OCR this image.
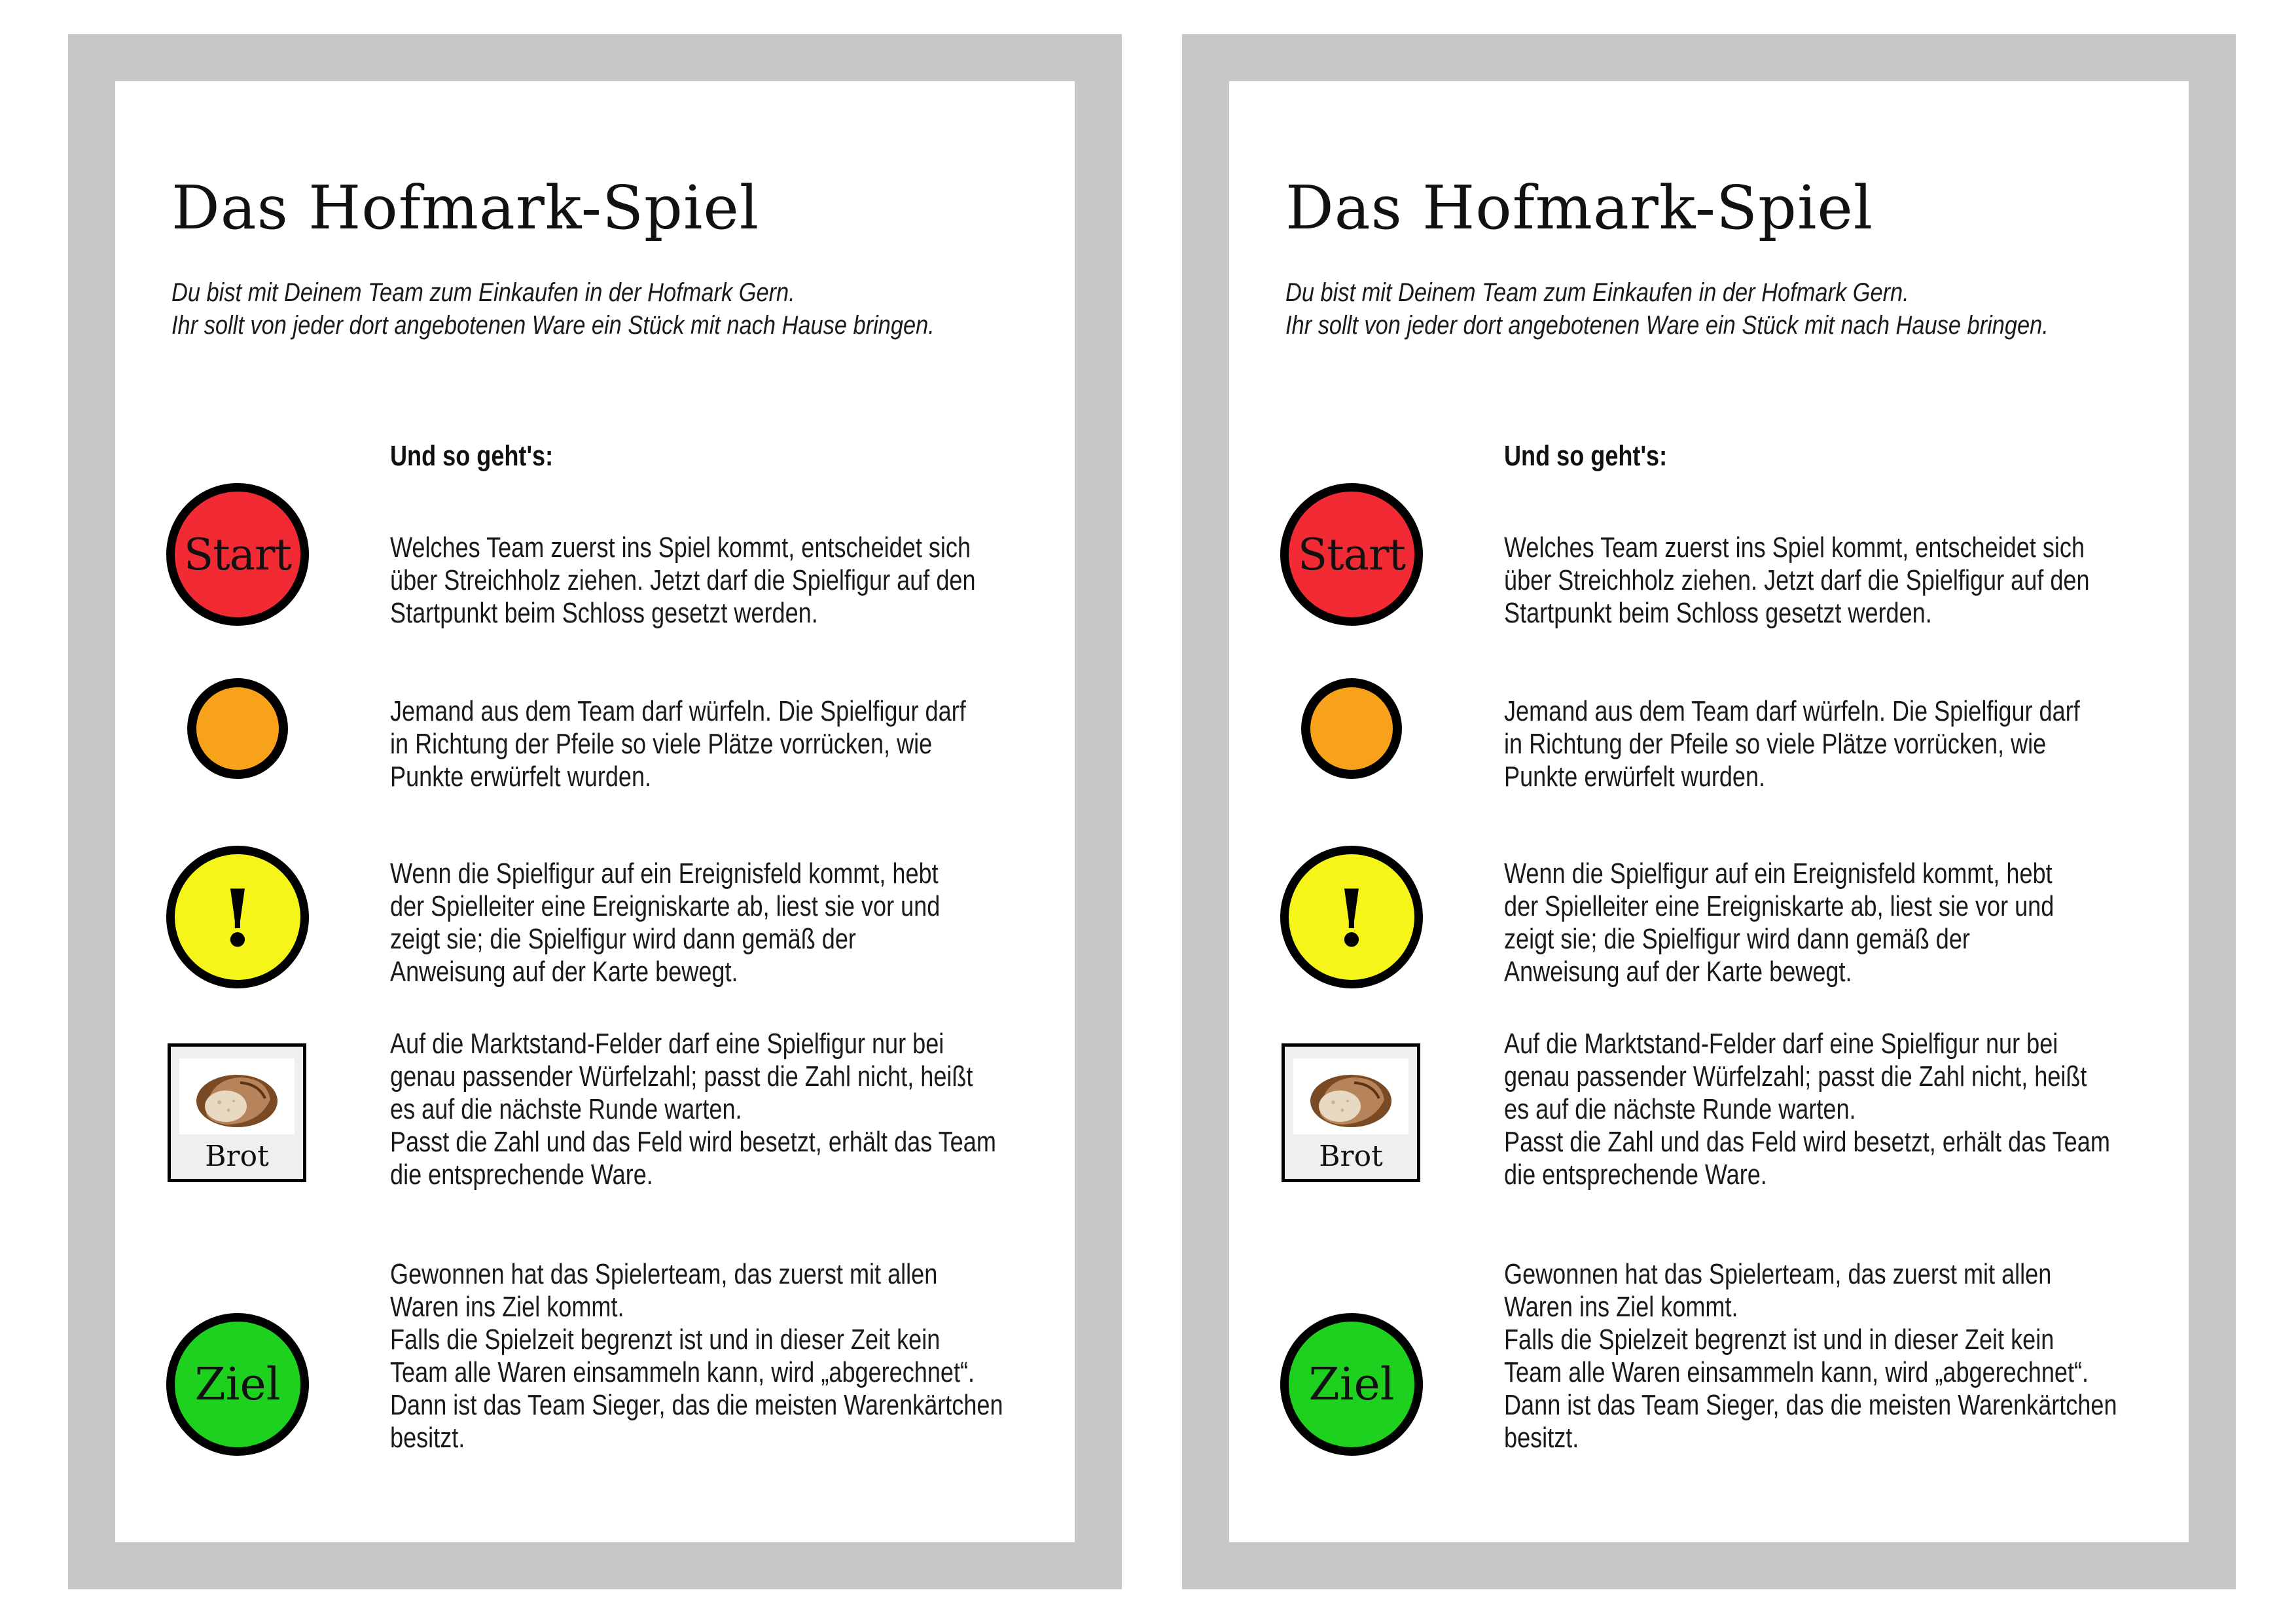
Das Hofmark-Spiel

Du bist mit Deinem Team zum Einkaufen in der Hofmark Gern.

Ihr sollt von jeder dort angebotenen Ware ein Stück mit nach Hause bringen.

Und so geht's:
Start	Welches Team zuerst ins Spiel kommt, entscheidet sich

über Streichholz ziehen. Jetzt darf die Spielfigur auf den

Startpunkt beim Schloss gesetzt werden.

Jemand aus dem Team darf würfeln. Die Spielfigur darf

in Richtung der Pfeile so viele Plätze vorrücken, wie

Punkte erwürfelt wurden.

!	Wenn die Spielfigur auf ein Ereignisfeld kommt, hebt

der Spielleiter eine Ereigniskarte ab, liest sie vor und

zeigt sie; die Spielfigur wird dann gemäß der

Anweisung auf der Karte bewegt.

Brot

Auf die Marktstand-Felder darf eine Spielfigur nur bei

genau passender Würfelzahl; passt die Zahl nicht, heißt

es auf die nächste Runde warten.

Passt die Zahl und das Feld wird besetzt, erhält das Team

die entsprechende Ware.

Ziel

Gewonnen hat das Spielerteam, das zuerst mit allen

Waren ins Ziel kommt.

Falls die Spielzeit begrenzt ist und in dieser Zeit kein

Team alle Waren einsammeln kann, wird „abgerechnet“.

Dann ist das Team Sieger, das die meisten Warenkärtchen

besitzt.

Das Hofmark-Spiel

Du bist mit Deinem Team zum Einkaufen in der Hofmark Gern.

Ihr sollt von jeder dort angebotenen Ware ein Stück mit nach Hause bringen.

Und so geht's:
Start	Welches Team zuerst ins Spiel kommt, entscheidet sich

über Streichholz ziehen. Jetzt darf die Spielfigur auf den

Startpunkt beim Schloss gesetzt werden.

Jemand aus dem Team darf würfeln. Die Spielfigur darf

in Richtung der Pfeile so viele Plätze vorrücken, wie

Punkte erwürfelt wurden.

!	Wenn die Spielfigur auf ein Ereignisfeld kommt, hebt

der Spielleiter eine Ereigniskarte ab, liest sie vor und

zeigt sie; die Spielfigur wird dann gemäß der

Anweisung auf der Karte bewegt.

Brot

Auf die Marktstand-Felder darf eine Spielfigur nur bei

genau passender Würfelzahl; passt die Zahl nicht, heißt

es auf die nächste Runde warten.

Passt die Zahl und das Feld wird besetzt, erhält das Team

die entsprechende Ware.

Ziel

Gewonnen hat das Spielerteam, das zuerst mit allen

Waren ins Ziel kommt.

Falls die Spielzeit begrenzt ist und in dieser Zeit kein

Team alle Waren einsammeln kann, wird „abgerechnet“.

Dann ist das Team Sieger, das die meisten Warenkärtchen

besitzt.
